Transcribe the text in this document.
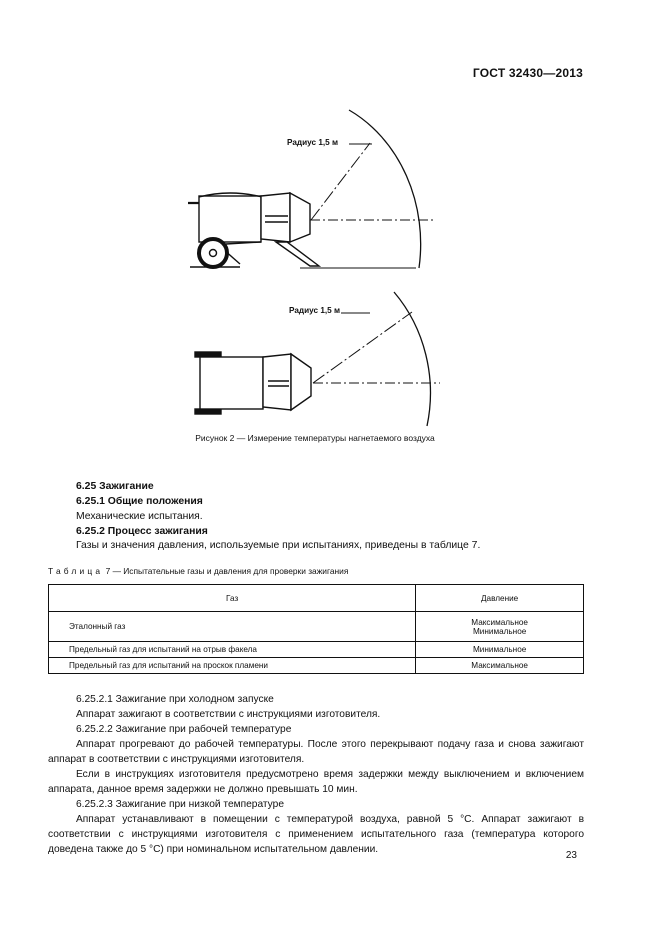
ГОСТ 32430—2013
Радиус 1,5 м
Радиус 1,5 м
Рисунок 2 — Измерение температуры нагнетаемого воздуха
6.25 Зажигание
6.25.1 Общие положения
Механические испытания.
6.25.2 Процесс зажигания
Газы и значения давления, используемые при испытаниях, приведены в таблице 7.
Таблица 7 — Испытательные газы и давления для проверки зажигания
Газ	Давление
Эталонный газ	Максимальное
Минимальное

Предельный газ для испытаний на отрыв факела	Минимальное
Предельный газ для испытаний на проскок пламени	Максимальное
6.25.2.1 Зажигание при холодном запуске
Аппарат зажигают в соответствии с инструкциями изготовителя.
6.25.2.2 Зажигание при рабочей температуре
Аппарат прогревают до рабочей температуры. После этого перекрывают подачу газа и снова зажигают аппарат в соответствии с инструкциями изготовителя.
Если в инструкциях изготовителя предусмотрено время задержки между выключением и включением аппарата, данное время задержки не должно превышать 10 мин.
6.25.2.3 Зажигание при низкой температуре
Аппарат устанавливают в помещении с температурой воздуха, равной 5 °С. Аппарат зажигают в соответствии с инструкциями изготовителя с применением испытательного газа (температура которого доведена также до 5 °С) при номинальном испытательном давлении.
23
